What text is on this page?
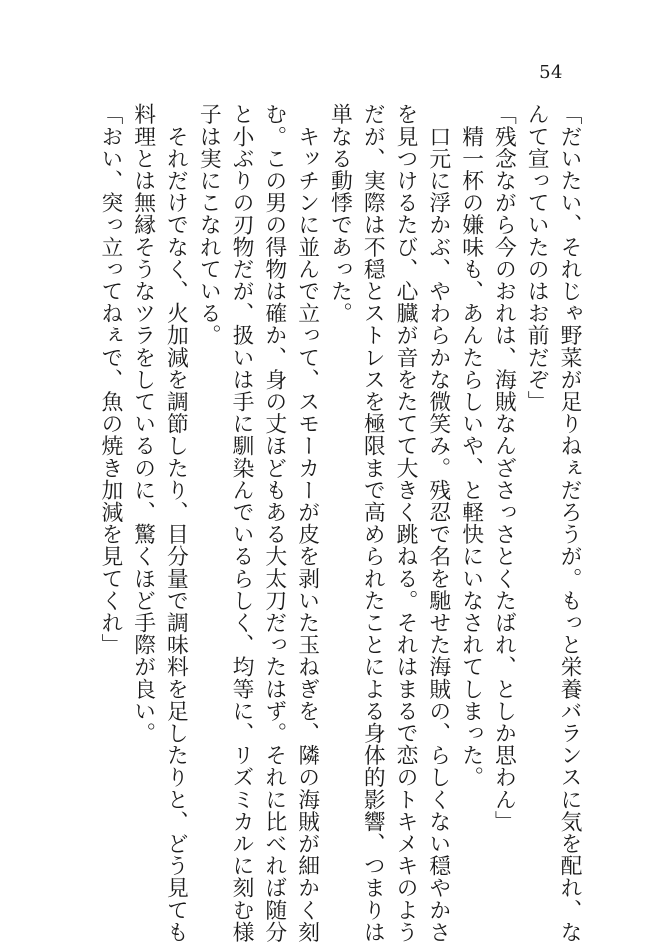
54

「だいたい、それじゃ野菜が足りねぇだろうが。もっと栄養バランスに気を配れ、な

んて宣っていたのはお前だぞ」

「残念ながら今のおれは、海賊なんざさっさとくたばれ、としか思わん」

　精一杯の嫌味も、あんたらしいや、と軽快にいなされてしまった。

　口元に浮かぶ、やわらかな微笑み。残忍で名を馳せた海賊の、らしくない穏やかさ

を見つけるたび、心臓が音をたてて大きく跳ねる。それはまるで恋のトキメキのよう

だが、実際は不穏とストレスを極限まで高められたことによる身体的影響、つまりは

単なる動悸であった。

　キッチンに並んで立って、スモーカーが皮を剥いた玉ねぎを、隣の海賊が細かく刻

む。この男の得物は確か、身の丈ほどもある大太刀だったはず。それに比べれば随分

と小ぶりの刃物だが、扱いは手に馴染んでいるらしく、均等に、リズミカルに刻む様

子は実にこなれている。

　それだけでなく、火加減を調節したり、目分量で調味料を足したりと、どう見ても

料理とは無縁そうなツラをしているのに、驚くほど手際が良い。

「おい、突っ立ってねぇで、魚の焼き加減を見てくれ」
